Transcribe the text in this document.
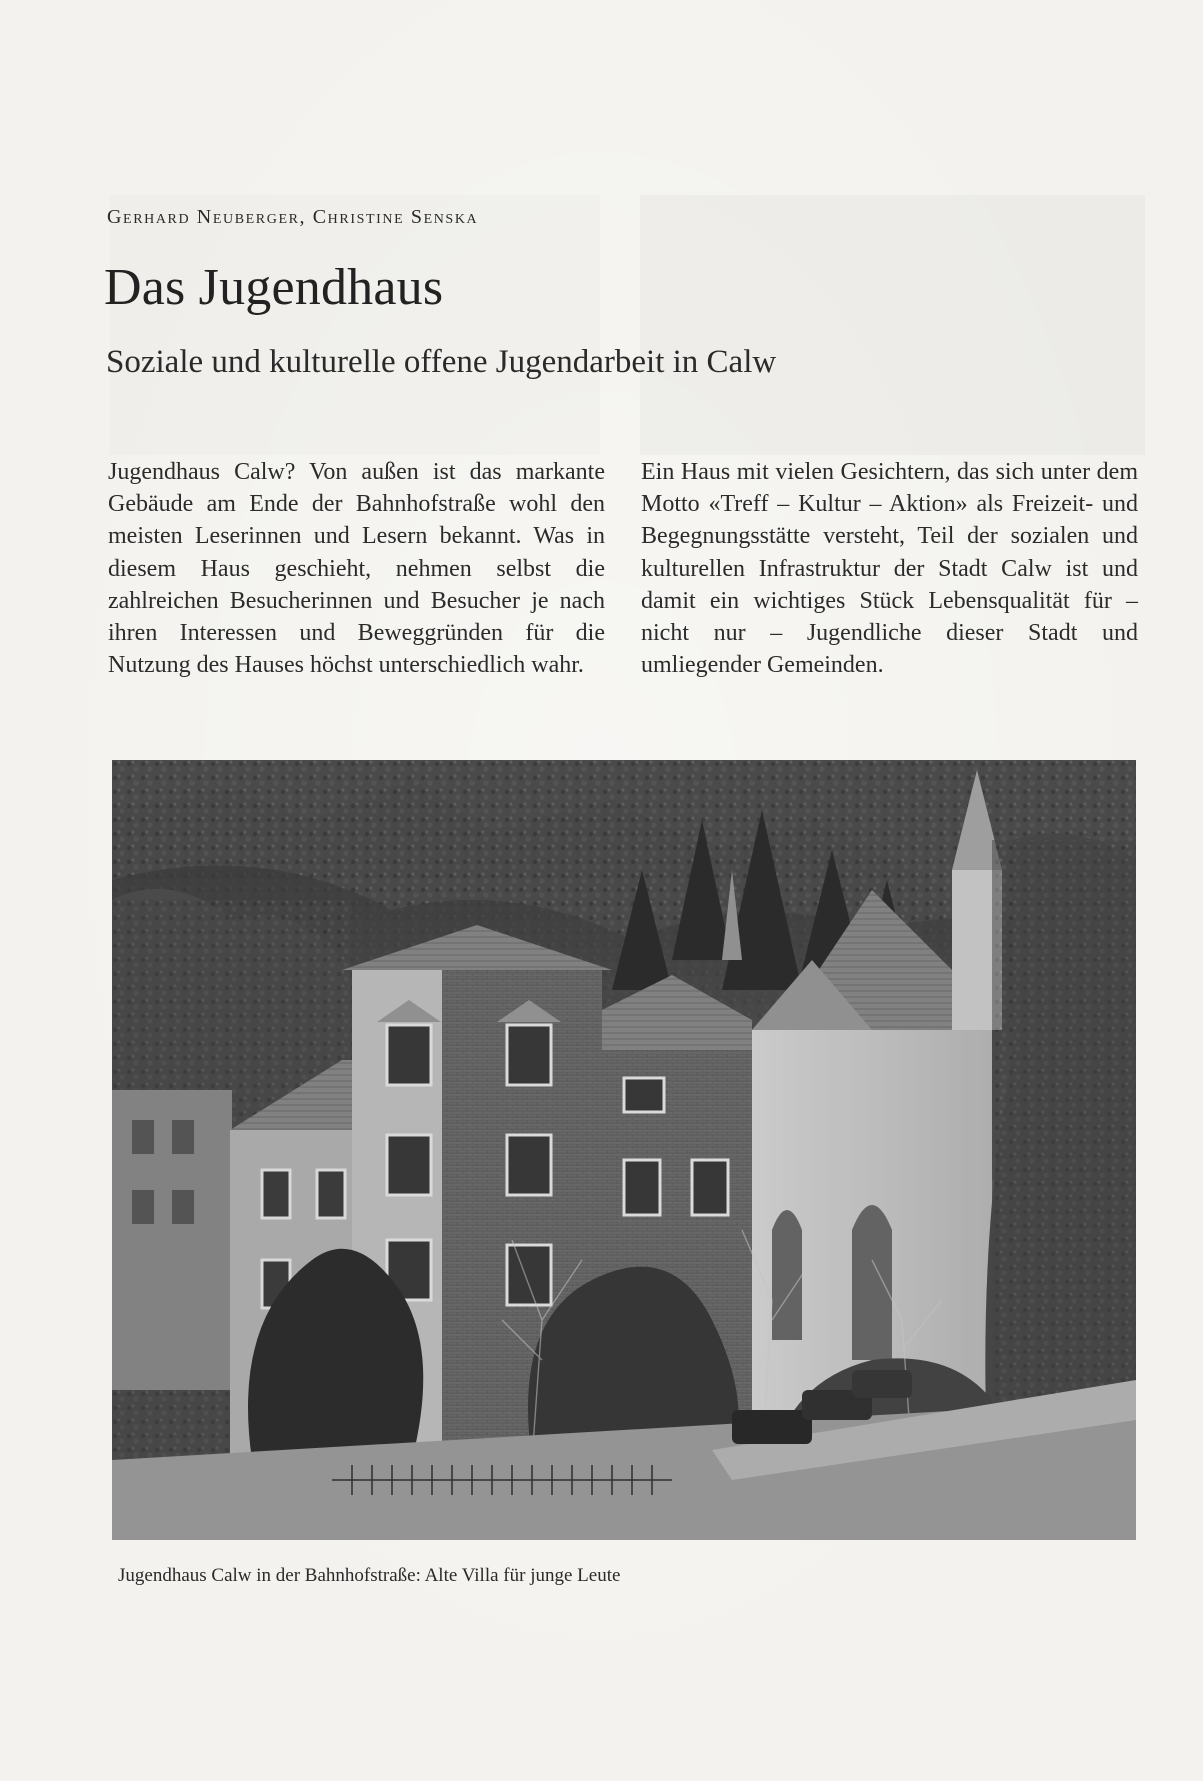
Gerhard Neuberger, Christine Senska
Das Jugendhaus
Soziale und kulturelle offene Jugendarbeit in Calw
Jugendhaus Calw? Von außen ist das markante Gebäude am Ende der Bahnhofstraße wohl den meisten Leserinnen und Lesern bekannt. Was in diesem Haus geschieht, nehmen selbst die zahlreichen Besucherinnen und Besucher je nach ihren Interessen und Beweggründen für die Nutzung des Hauses höchst unterschiedlich wahr.
Ein Haus mit vielen Gesichtern, das sich unter dem Motto «Treff – Kultur – Aktion» als Freizeit- und Begegnungsstätte versteht, Teil der sozialen und kulturellen Infrastruktur der Stadt Calw ist und damit ein wichtiges Stück Lebensqualität für – nicht nur – Jugendliche dieser Stadt und umliegender Gemeinden.
Jugendhaus Calw in der Bahnhofstraße: Alte Villa für junge Leute
